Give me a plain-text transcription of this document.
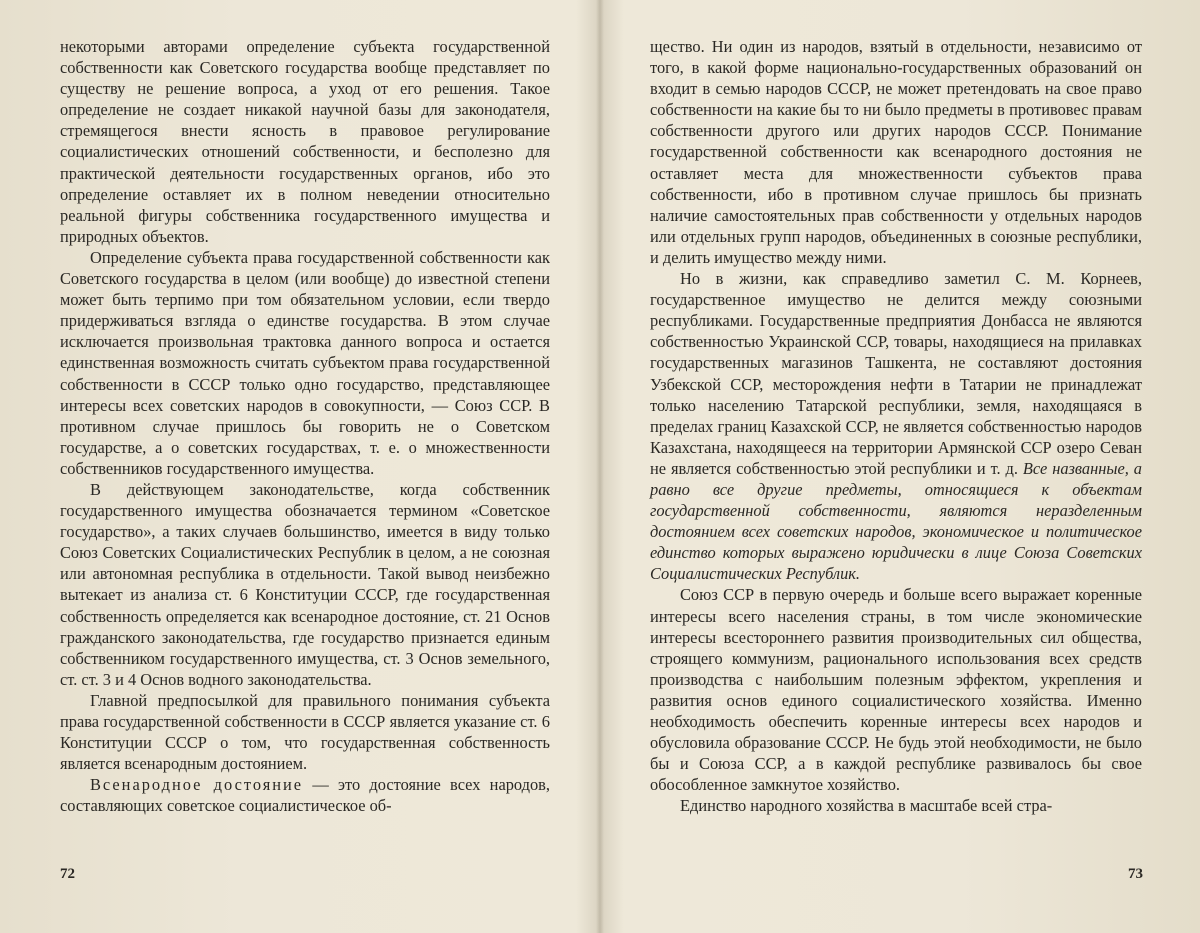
некоторыми авторами определение субъекта государственной собственности как Советского государства вообще представляет по существу не решение вопроса, а уход от его решения. Такое определение не создает никакой научной базы для законодателя, стремящегося внести ясность в правовое регулирование социалистических отношений собственности, и бесполезно для практической деятельности государственных органов, ибо это определение оставляет их в полном неведении относительно реальной фигуры собственника государственного имущества и природных объектов.

Определение субъекта права государственной собственности как Советского государства в целом (или вообще) до известной степени может быть терпимо при том обязательном условии, если твердо придерживаться взгляда о единстве государства. В этом случае исключается произвольная трактовка данного вопроса и остается единственная возможность считать субъектом права государственной собственности в СССР только одно государство, представляющее интересы всех советских народов в совокупности, — Союз ССР. В противном случае пришлось бы говорить не о Советском государстве, а о советских государствах, т. е. о множественности собственников государственного имущества.

В действующем законодательстве, когда собственник государственного имущества обозначается термином «Советское государство», а таких случаев большинство, имеется в виду только Союз Советских Социалистических Республик в целом, а не союзная или автономная республика в отдельности. Такой вывод неизбежно вытекает из анализа ст. 6 Конституции СССР, где государственная собственность определяется как всенародное достояние, ст. 21 Основ гражданского законодательства, где государство признается единым собственником государственного имущества, ст. 3 Основ земельного, ст. ст. 3 и 4 Основ водного законодательства.

Главной предпосылкой для правильного понимания субъекта права государственной собственности в СССР является указание ст. 6 Конституции СССР о том, что государственная собственность является всенародным достоянием.

Всенародное достояние — это достояние всех народов, составляющих советское социалистическое об-

72

щество. Ни один из народов, взятый в отдельности, независимо от того, в какой форме национально-государственных образований он входит в семью народов СССР, не может претендовать на свое право собственности на какие бы то ни было предметы в противовес правам собственности другого или других народов СССР. Понимание государственной собственности как всенародного достояния не оставляет места для множественности субъектов права собственности, ибо в противном случае пришлось бы признать наличие самостоятельных прав собственности у отдельных народов или отдельных групп народов, объединенных в союзные республики, и делить имущество между ними.

Но в жизни, как справедливо заметил С. М. Корнеев, государственное имущество не делится между союзными республиками. Государственные предприятия Донбасса не являются собственностью Украинской ССР, товары, находящиеся на прилавках государственных магазинов Ташкента, не составляют достояния Узбекской ССР, месторождения нефти в Татарии не принадлежат только населению Татарской республики, земля, находящаяся в пределах границ Казахской ССР, не является собственностью народов Казахстана, находящееся на территории Армянской ССР озеро Севан не является собственностью этой республики и т. д. Все названные, а равно все другие предметы, относящиеся к объектам государственной собственности, являются неразделенным достоянием всех советских народов, экономическое и политическое единство которых выражено юридически в лице Союза Советских Социалистических Республик.

Союз ССР в первую очередь и больше всего выражает коренные интересы всего населения страны, в том числе экономические интересы всестороннего развития производительных сил общества, строящего коммунизм, рационального использования всех средств производства с наибольшим полезным эффектом, укрепления и развития основ единого социалистического хозяйства. Именно необходимость обеспечить коренные интересы всех народов и обусловила образование СССР. Не будь этой необходимости, не было бы и Союза ССР, а в каждой республике развивалось бы свое обособленное замкнутое хозяйство.

Единство народного хозяйства в масштабе всей стра-

73
